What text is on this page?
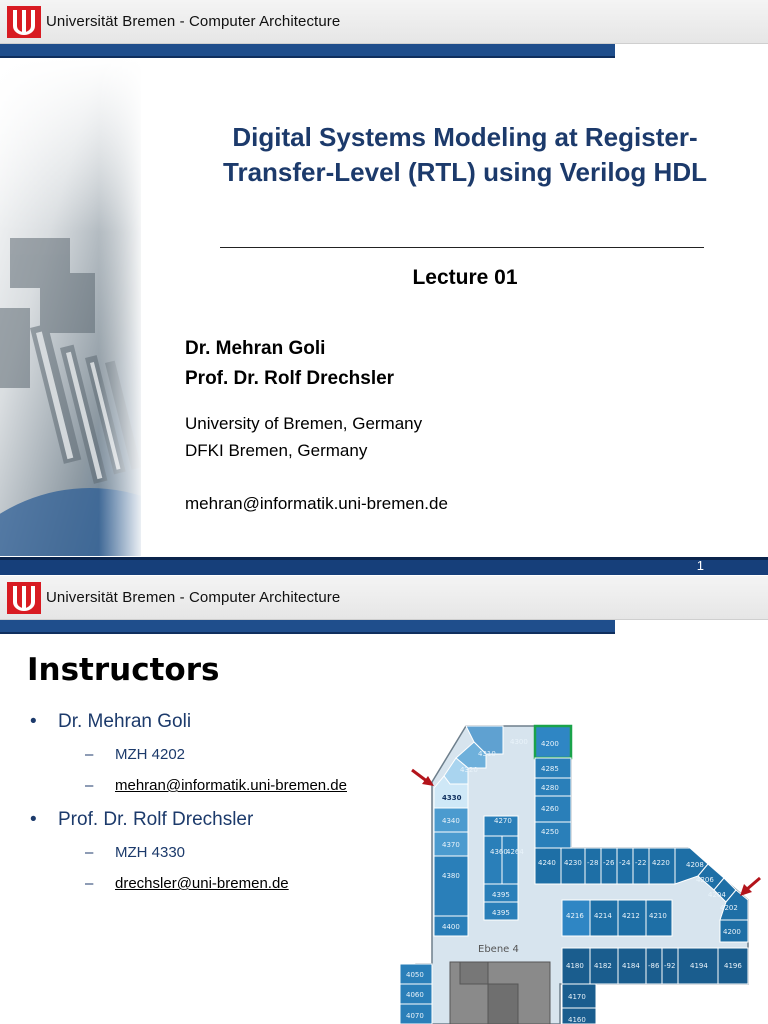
Universität Bremen - Computer Architecture
Digital Systems Modeling at Register-
Transfer-Level (RTL) using Verilog HDL
Lecture 01
Dr. Mehran Goli
Prof. Dr. Rolf Drechsler
University of Bremen, Germany
DFKI Bremen, Germany
mehran@informatik.uni-bremen.de
1
Universität Bremen - Computer Architecture
Instructors
• Dr. Mehran Goli
– MZH 4202
– mehran@informatik.uni-bremen.de
• Prof. Dr. Rolf Drechsler
– MZH 4330
– drechsler@uni-bremen.de
4300 4200
4310
4285
4320
4280
4330
4270
4260
4340
4250
4370
4360
4264
4240 4230 -28 -26 -24 -22 4220 4208
4380
4395
4395
4206
4204
4202
4400
4216 4214 4212 4210
4200
4180 4182 4184 -86 -92 4194 4196
4050
4060
4070
4170
4160
Ebene 4
